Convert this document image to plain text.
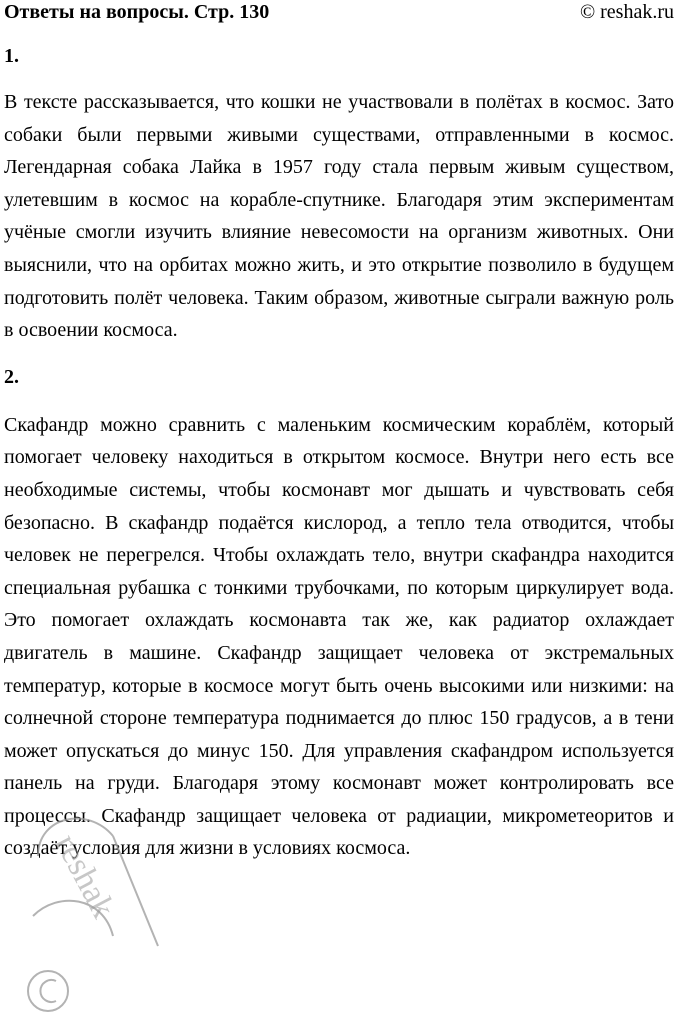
Ответы на вопросы. Стр. 130	© reshak.ru
1.

В тексте рассказывается, что кошки не участвовали в полётах в космос. Зато собаки были первыми живыми существами, отправленными в космос. Легендарная собака Лайка в 1957 году стала первым живым существом, улетевшим в космос на корабле-спутнике. Благодаря этим экспериментам учёные смогли изучить влияние невесомости на организм животных. Они выяснили, что на орбитах можно жить, и это открытие позволило в будущем подготовить полёт человека. Таким образом, животные сыграли важную роль в освоении космоса.

2.

Скафандр можно сравнить с маленьким космическим кораблём, который помогает человеку находиться в открытом космосе. Внутри него есть все необходимые системы, чтобы космонавт мог дышать и чувствовать себя безопасно. В скафандр подаётся кислород, а тепло тела отводится, чтобы человек не перегрелся. Чтобы охлаждать тело, внутри скафандра находится специальная рубашка с тонкими трубочками, по которым циркулирует вода. Это помогает охлаждать космонавта так же, как радиатор охлаждает двигатель в машине. Скафандр защищает человека от экстремальных температур, которые в космосе могут быть очень высокими или низкими: на солнечной стороне температура поднимается до плюс 150 градусов, а в тени может опускаться до минус 150. Для управления скафандром используется панель на груди. Благодаря этому космонавт может контролировать все процессы. Скафандр защищает человека от радиации, микрометеоритов и создаёт условия для жизни в условиях космоса.

reshak
